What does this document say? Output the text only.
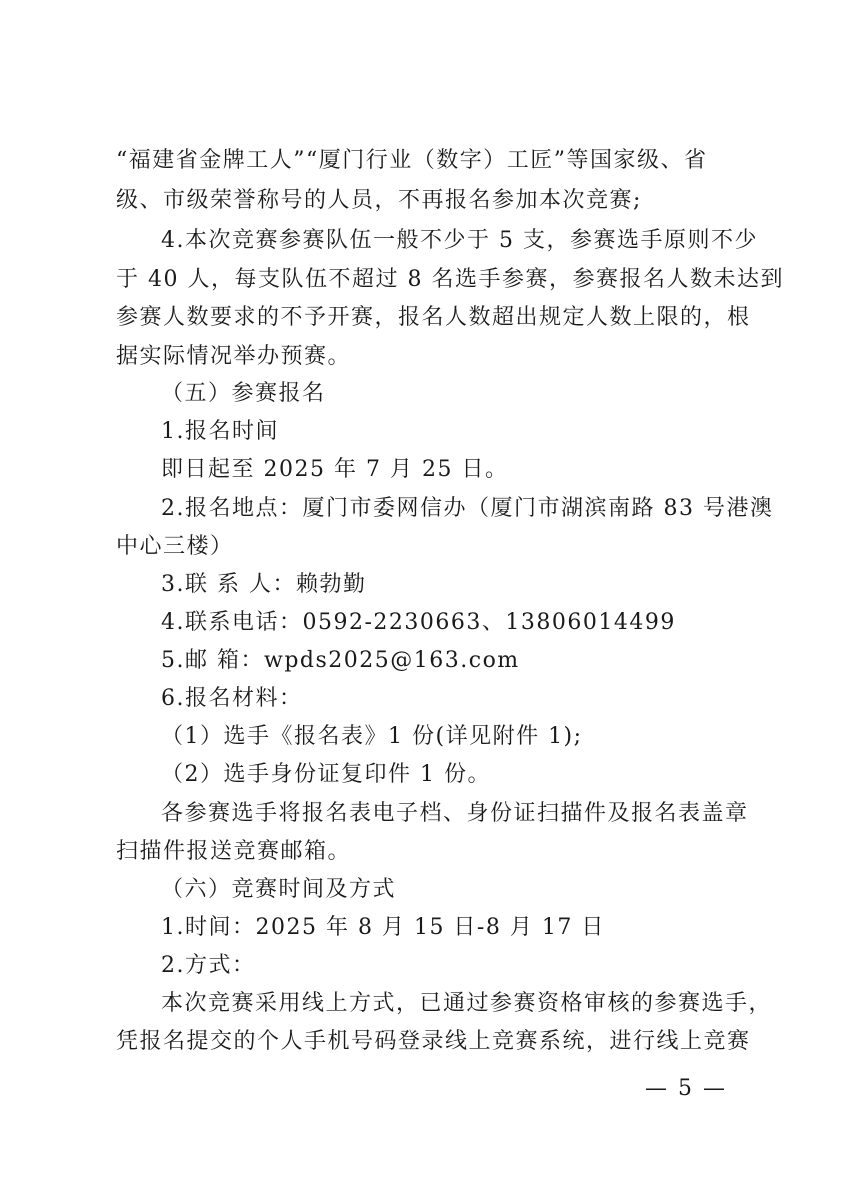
“福建省金牌工人”“厦门行业（数字）工匠”等国家级、省
级、市级荣誉称号的人员，不再报名参加本次竞赛;
4.本次竞赛参赛队伍一般不少于 5 支，参赛选手原则不少
于 40 人，每支队伍不超过 8 名选手参赛，参赛报名人数未达到
参赛人数要求的不予开赛，报名人数超出规定人数上限的，根
据实际情况举办预赛。
（五）参赛报名
1.报名时间
即日起至 2025 年 7 月 25 日。
2.报名地点：厦门市委网信办（厦门市湖滨南路 83 号港澳
中心三楼）
3.联 系 人：赖勃勤
4.联系电话：0592-2230663、13806014499
5.邮 箱：wpds2025@163.com
6.报名材料：
（1）选手《报名表》1 份(详见附件 1);
（2）选手身份证复印件 1 份。
各参赛选手将报名表电子档、身份证扫描件及报名表盖章
扫描件报送竞赛邮箱。
（六）竞赛时间及方式
1.时间：2025 年 8 月 15 日-8 月 17 日
2.方式：
本次竞赛采用线上方式，已通过参赛资格审核的参赛选手，
凭报名提交的个人手机号码登录线上竞赛系统，进行线上竞赛
— 5 —
